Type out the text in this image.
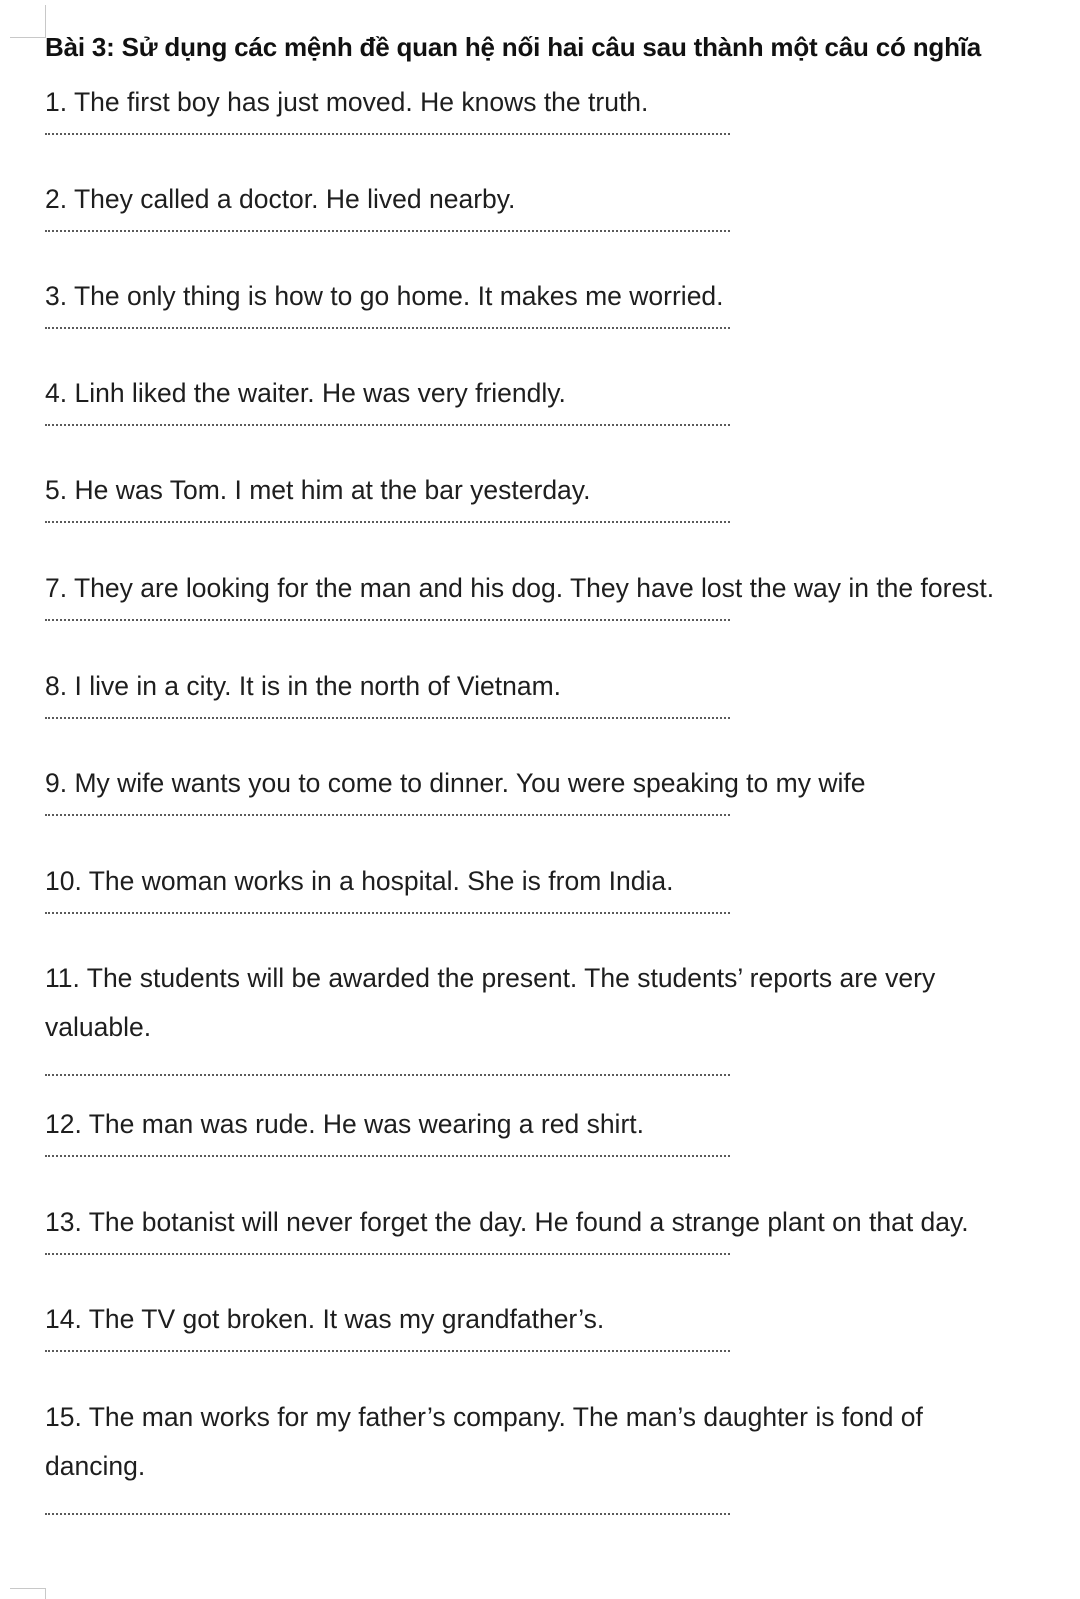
Bài 3: Sử dụng các mệnh đề quan hệ nối hai câu sau thành một câu có nghĩa

1. The first boy has just moved. He knows the truth.

2. They called a doctor. He lived nearby.

3. The only thing is how to go home. It makes me worried.

4. Linh liked the waiter. He was very friendly.

5. He was Tom. I met him at the bar yesterday.

7. They are looking for the man and his dog. They have lost the way in the forest.

8. I live in a city. It is in the north of Vietnam.

9. My wife wants you to come to dinner. You were speaking to my wife

10. The woman works in a hospital. She is from India.

11. The students will be awarded the present. The students’ reports are very valuable.

12. The man was rude. He was wearing a red shirt.

13. The botanist will never forget the day. He found a strange plant on that day.

14. The TV got broken. It was my grandfather’s.

15. The man works for my father’s company. The man’s daughter is fond of dancing.
